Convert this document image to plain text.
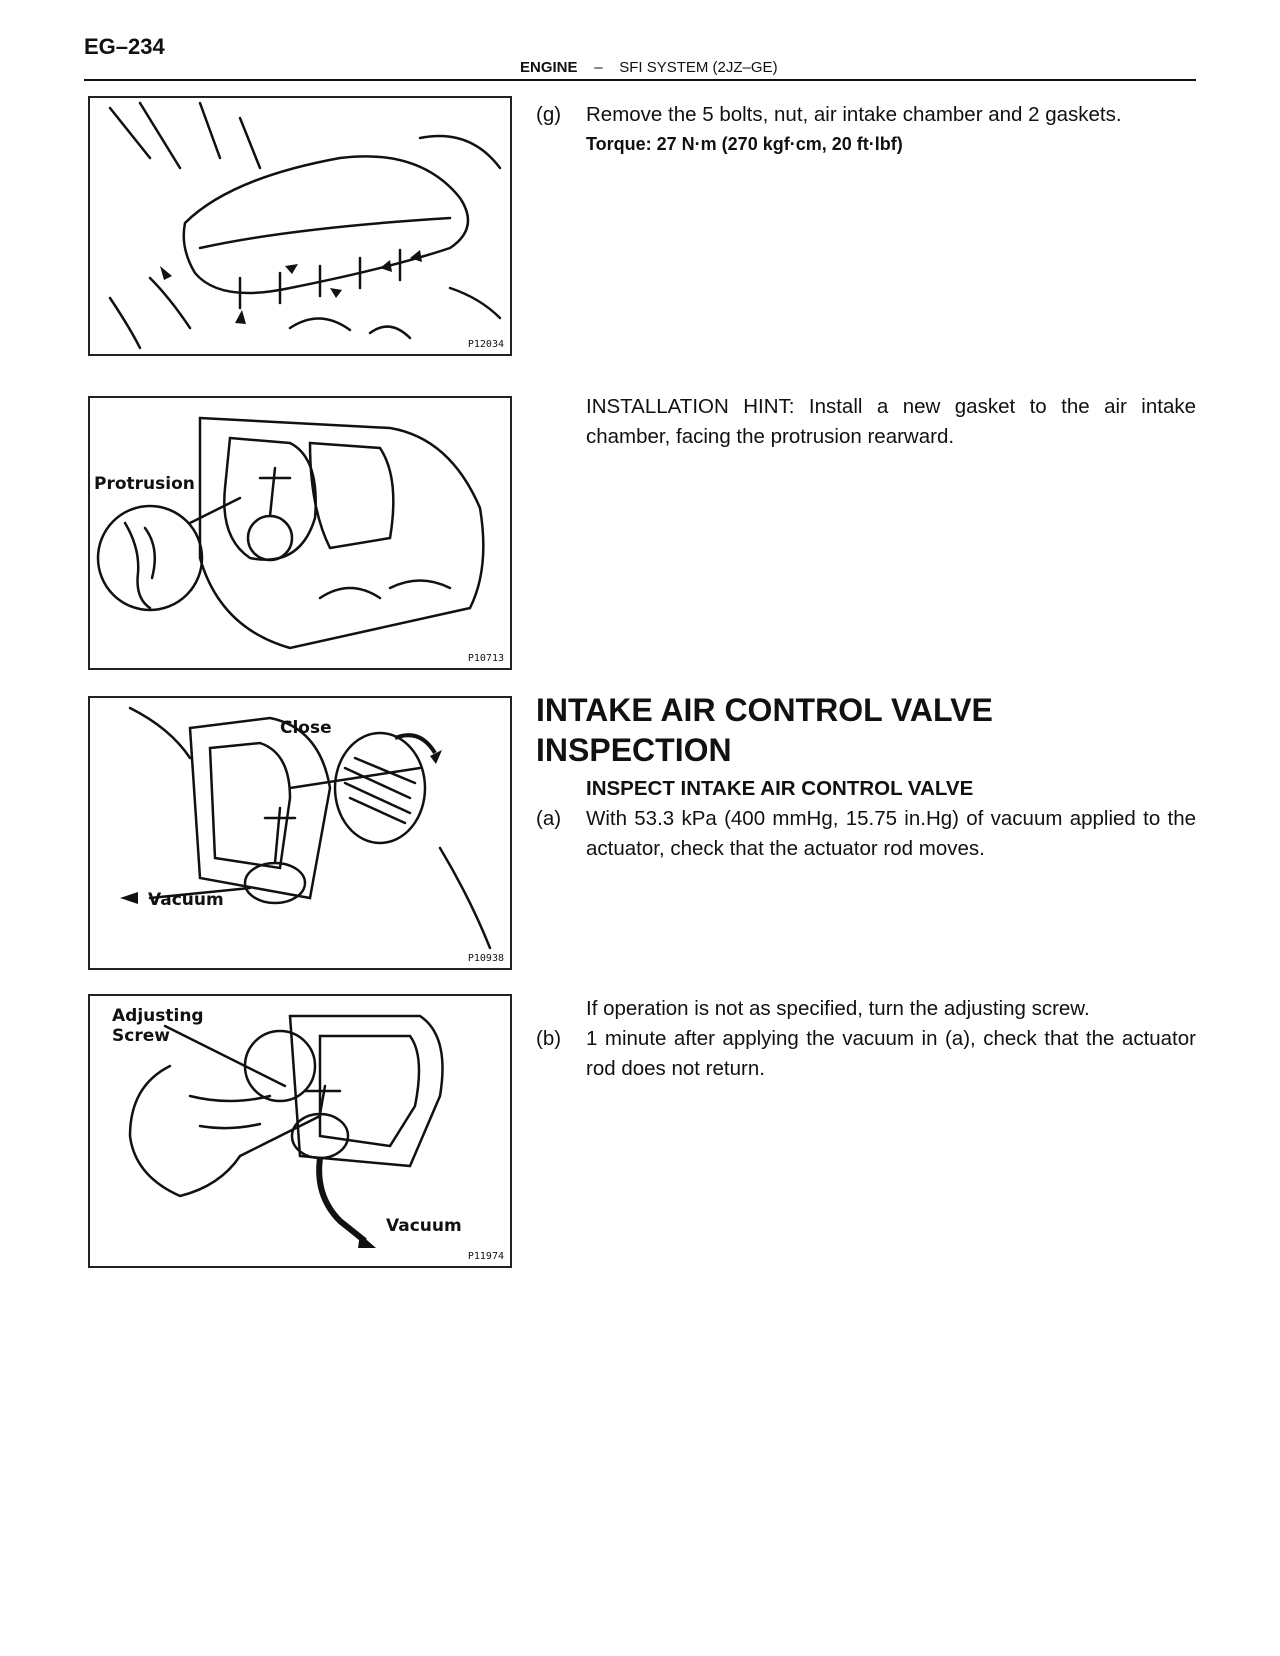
EG–234
ENGINE – SFI SYSTEM (2JZ–GE)
P12034
Protrusion
P10713
Close
Vacuum
P10938
Adjusting
Screw
Vacuum
P11974
(g)	Remove the 5 bolts, nut, air intake chamber and 2 gaskets.
Torque: 27 N·m (270 kgf·cm, 20 ft·lbf)
INSTALLATION HINT: Install a new gasket to the air intake chamber, facing the protrusion rearward.
INTAKE AIR CONTROL VALVE
INSPECTION
INSPECT INTAKE AIR CONTROL VALVE
(a)	With 53.3 kPa (400 mmHg, 15.75 in.Hg) of vacuum applied to the actuator, check that the actuator rod moves.
If operation is not as specified, turn the adjusting screw.
(b)	1 minute after applying the vacuum in (a), check that the actuator rod does not return.
